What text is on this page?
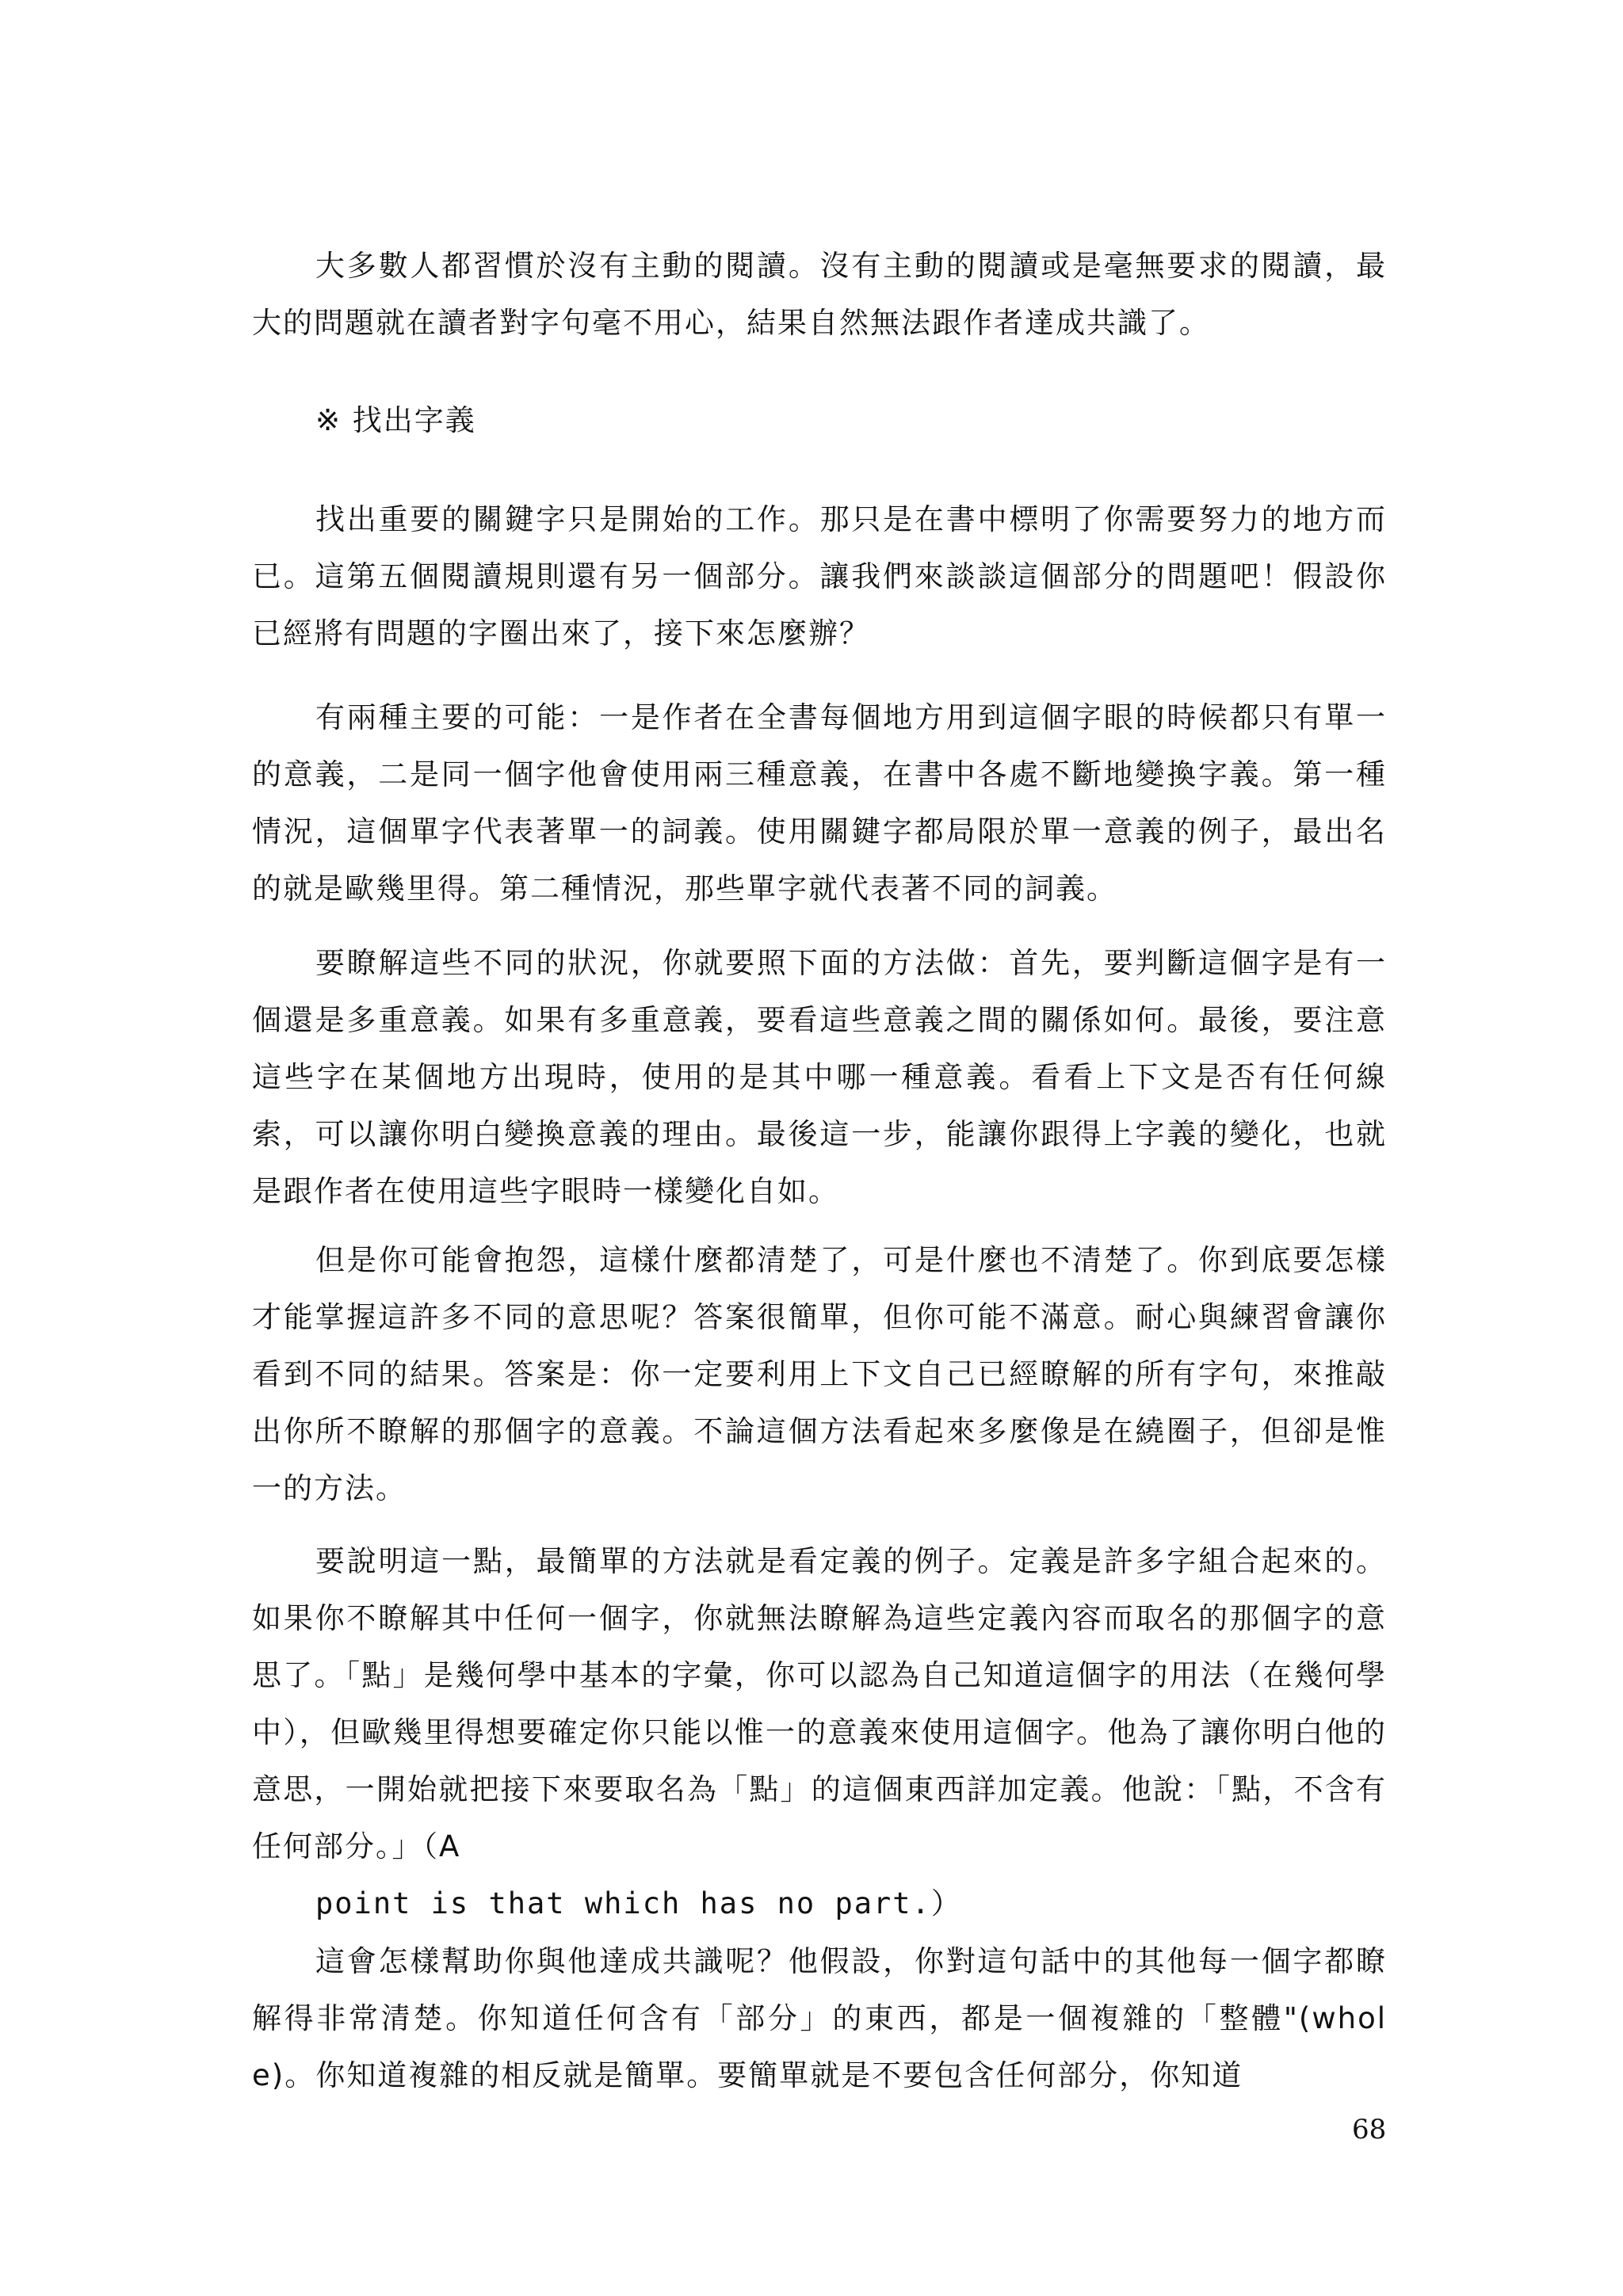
大多數人都習慣於沒有主動的閱讀。沒有主動的閱讀或是毫無要求的閱讀，最大的問題就在讀者對字句毫不用心，結果自然無法跟作者達成共識了。

※ 找出字義

找出重要的關鍵字只是開始的工作。那只是在書中標明了你需要努力的地方而已。這第五個閱讀規則還有另一個部分。讓我們來談談這個部分的問題吧！假設你已經將有問題的字圈出來了，接下來怎麼辦？

有兩種主要的可能：一是作者在全書每個地方用到這個字眼的時候都只有單一的意義，二是同一個字他會使用兩三種意義，在書中各處不斷地變換字義。第一種情況，這個單字代表著單一的詞義。使用關鍵字都局限於單一意義的例子，最出名的就是歐幾里得。第二種情況，那些單字就代表著不同的詞義。

要瞭解這些不同的狀況，你就要照下面的方法做：首先，要判斷這個字是有一個還是多重意義。如果有多重意義，要看這些意義之間的關係如何。最後，要注意這些字在某個地方出現時，使用的是其中哪一種意義。看看上下文是否有任何線索，可以讓你明白變換意義的理由。最後這一步，能讓你跟得上字義的變化，也就是跟作者在使用這些字眼時一樣變化自如。

但是你可能會抱怨，這樣什麼都清楚了，可是什麼也不清楚了。你到底要怎樣才能掌握這許多不同的意思呢？答案很簡單，但你可能不滿意。耐心與練習會讓你看到不同的結果。答案是：你一定要利用上下文自己已經瞭解的所有字句，來推敲出你所不瞭解的那個字的意義。不論這個方法看起來多麼像是在繞圈子，但卻是惟一的方法。

要說明這一點，最簡單的方法就是看定義的例子。定義是許多字組合起來的。如果你不瞭解其中任何一個字，你就無法瞭解為這些定義內容而取名的那個字的意思了。「點」是幾何學中基本的字彙，你可以認為自己知道這個字的用法（在幾何學中），但歐幾里得想要確定你只能以惟一的意義來使用這個字。他為了讓你明白他的意思，一開始就把接下來要取名為「點」的這個東西詳加定義。他說：「點，不含有任何部分。」（A

point is that which has no part.）

這會怎樣幫助你與他達成共識呢？他假設，你對這句話中的其他每一個字都瞭解得非常清楚。你知道任何含有「部分」的東西，都是一個複雜的「整體"(whole)。你知道複雜的相反就是簡單。要簡單就是不要包含任何部分，你知道

68
